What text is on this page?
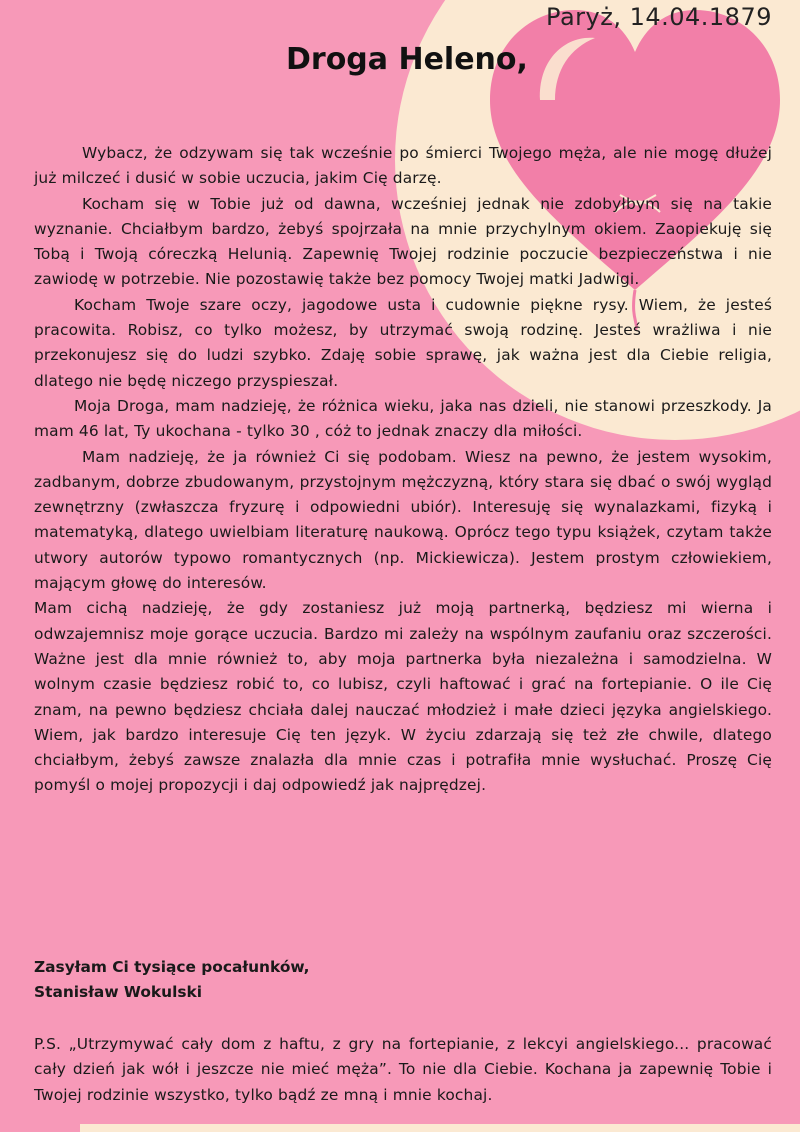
Paryż, 14.04.1879
Droga Heleno,

Wybacz, że odzywam się tak wcześnie po śmierci Twojego męża, ale nie mogę dłużej już milczeć i dusić w sobie uczucia, jakim Cię darzę.

Kocham się w Tobie już od dawna, wcześniej jednak nie zdobyłbym się na takie wyznanie. Chciałbym bardzo, żebyś spojrzała na mnie przychylnym okiem. Zaopiekuję się Tobą i Twoją córeczką Helunią. Zapewnię Twojej rodzinie poczucie bezpieczeństwa i nie zawiodę w potrzebie. Nie pozostawię także bez pomocy Twojej matki Jadwigi.

Kocham Twoje szare oczy, jagodowe usta i cudownie piękne rysy. Wiem, że jesteś pracowita. Robisz, co tylko możesz, by utrzymać swoją rodzinę. Jesteś wrażliwa i nie przekonujesz się do ludzi szybko. Zdaję sobie sprawę, jak ważna jest dla Ciebie religia, dlatego nie będę niczego przyspieszał.

Moja Droga, mam nadzieję, że różnica wieku, jaka nas dzieli, nie stanowi przeszkody. Ja mam 46 lat, Ty ukochana - tylko 30 , cóż to jednak znaczy dla miłości.

Mam nadzieję, że ja również Ci się podobam. Wiesz na pewno, że jestem wysokim, zadbanym, dobrze zbudowanym, przystojnym mężczyzną, który stara się dbać o swój wygląd zewnętrzny (zwłaszcza fryzurę i odpowiedni ubiór). Interesuję się wynalazkami, fizyką i matematyką, dlatego uwielbiam literaturę naukową. Oprócz tego typu książek, czytam także utwory autorów typowo romantycznych (np. Mickiewicza). Jestem prostym człowiekiem, mającym głowę do interesów.

Mam cichą nadzieję, że gdy zostaniesz już moją partnerką, będziesz mi wierna i odwzajemnisz moje gorące uczucia. Bardzo mi zależy na wspólnym zaufaniu oraz szczerości. Ważne jest dla mnie również to, aby moja partnerka była niezależna i samodzielna. W wolnym czasie będziesz robić to, co lubisz, czyli haftować i grać na fortepianie. O ile Cię znam, na pewno będziesz chciała dalej nauczać młodzież i małe dzieci języka angielskiego. Wiem, jak bardzo interesuje Cię ten język. W życiu zdarzają się też złe chwile, dlatego chciałbym, żebyś zawsze znalazła dla mnie czas i potrafiła mnie wysłuchać. Proszę Cię pomyśl o mojej propozycji i daj odpowiedź jak najprędzej.

Zasyłam Ci tysiące pocałunków,
Stanisław Wokulski
P.S. „Utrzymywać cały dom z haftu, z gry na fortepianie, z lekcyi angielskiego... pracować cały dzień jak wół i jeszcze nie mieć męża”. To nie dla Ciebie. Kochana ja zapewnię Tobie i Twojej rodzinie wszystko, tylko bądź ze mną i mnie kochaj.
